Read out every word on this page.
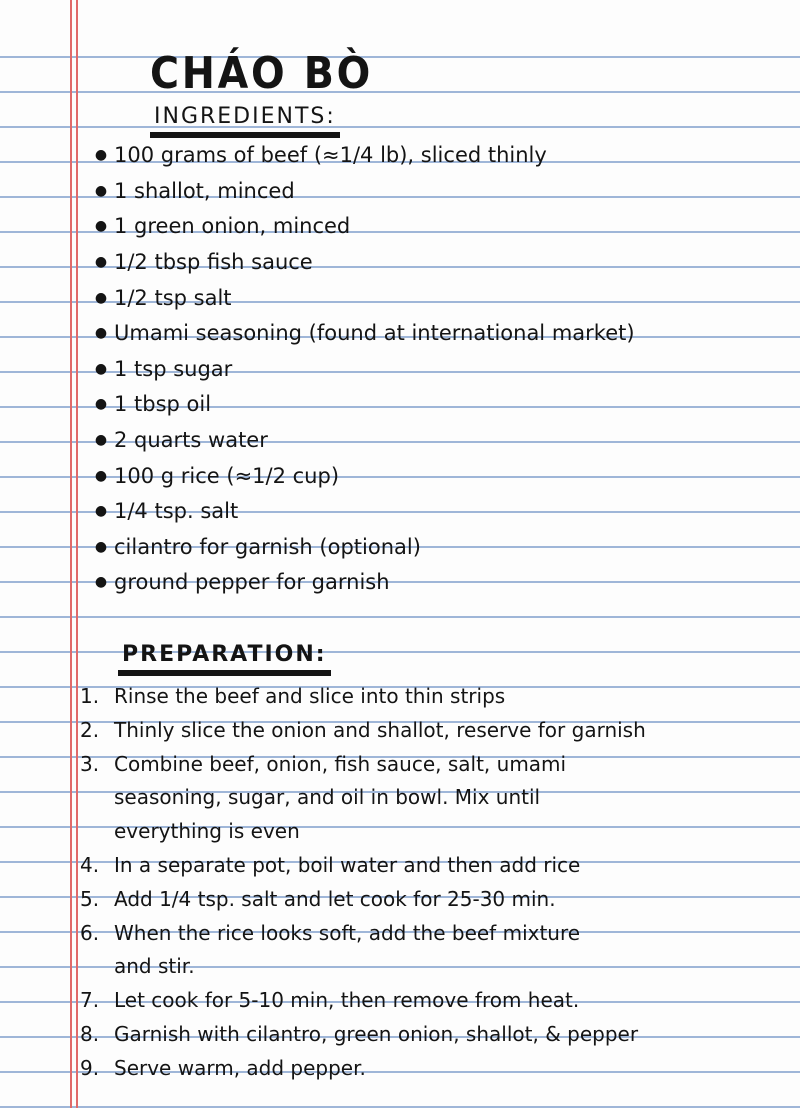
CHÁO BÒ
INGREDIENTS:
● 100 grams of beef (≈1/4 lb), sliced thinly
● 1 shallot, minced
● 1 green onion, minced
● 1/2 tbsp fish sauce
● 1/2 tsp salt
● Umami seasoning (found at international market)
● 1 tsp sugar
● 1 tbsp oil
● 2 quarts water
● 100 g rice (≈1/2 cup)
● 1/4 tsp. salt
● cilantro for garnish (optional)
● ground pepper for garnish
PREPARATION:
1. Rinse the beef and slice into thin strips
2. Thinly slice the onion and shallot, reserve for garnish
3. Combine beef, onion, fish sauce, salt, umami
seasoning, sugar, and oil in bowl. Mix until
everything is even
4. In a separate pot, boil water and then add rice
5. Add 1/4 tsp. salt and let cook for 25-30 min.
6. When the rice looks soft, add the beef mixture
and stir.
7. Let cook for 5-10 min, then remove from heat.
8. Garnish with cilantro, green onion, shallot, & pepper
9. Serve warm, add pepper.
